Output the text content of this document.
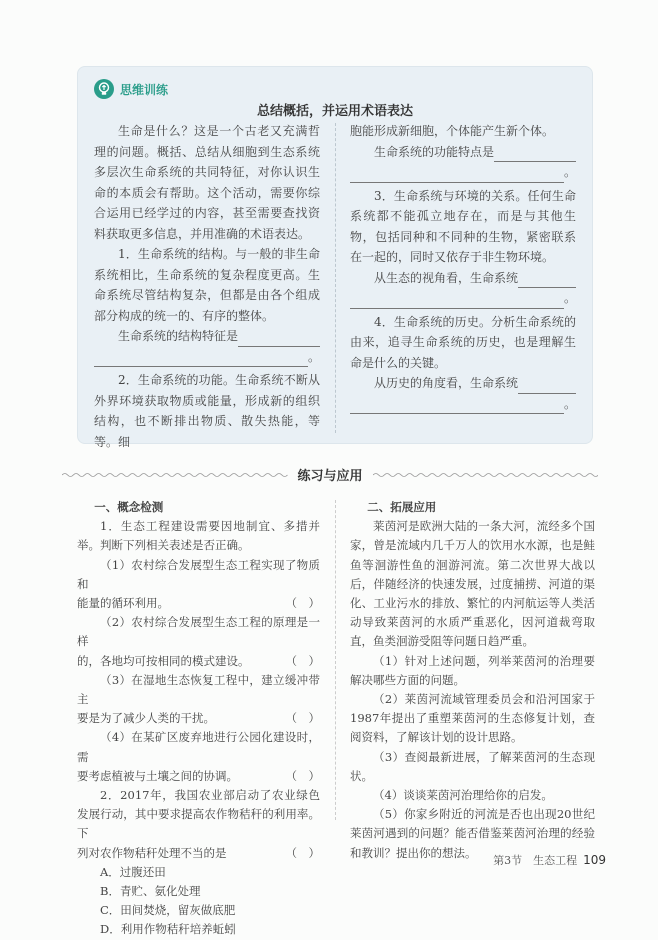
思维训练
总结概括，并运用术语表达

生命是什么？这是一个古老又充满哲理的问题。概括、总结从细胞到生态系统多层次生命系统的共同特征，对你认识生命的本质会有帮助。这个活动，需要你综合运用已经学过的内容，甚至需要查找资料获取更多信息，并用准确的术语表达。

1．生命系统的结构。与一般的非生命系统相比，生命系统的复杂程度更高。生命系统尽管结构复杂，但都是由各个组成部分构成的统一的、有序的整体。

生命系统的结构特征是
。

2．生命系统的功能。生命系统不断从外界环境获取物质或能量，形成新的组织结构，也不断排出物质、散失热能，等等。细

胞能形成新细胞，个体能产生新个体。

生命系统的功能特点是
。

3．生命系统与环境的关系。任何生命系统都不能孤立地存在，而是与其他生物，包括同种和不同种的生物，紧密联系在一起的，同时又依存于非生物环境。

从生态的视角看，生命系统
。

4．生命系统的历史。分析生命系统的由来，追寻生命系统的历史，也是理解生命是什么的关键。

从历史的角度看，生命系统
。
练习与应用
一、概念检测

1．生态工程建设需要因地制宜、多措并举。判断下列相关表述是否正确。

（1）农村综合发展型生态工程实现了物质和

能量的循环利用。	（　）

（2）农村综合发展型生态工程的原理是一样

的，各地均可按相同的模式建设。	（　）

（3）在湿地生态恢复工程中，建立缓冲带主

要是为了减少人类的干扰。	（　）

（4）在某矿区废弃地进行公园化建设时，需

要考虑植被与土壤之间的协调。	（　）

2．2017年，我国农业部启动了农业绿色发展行动，其中要求提高农作物秸秆的利用率。下

列对农作物秸秆处理不当的是	（　）

A．过腹还田

B．青贮、氨化处理

C．田间焚烧，留灰做底肥

D．利用作物秸秆培养蚯蚓

二、拓展应用

莱茵河是欧洲大陆的一条大河，流经多个国家，曾是流域内几千万人的饮用水水源，也是鲑鱼等洄游性鱼的洄游河流。第二次世界大战以后，伴随经济的快速发展，过度捕捞、河道的渠化、工业污水的排放、繁忙的内河航运等人类活动导致莱茵河的水质严重恶化，因河道裁弯取直，鱼类洄游受阻等问题日趋严重。

（1）针对上述问题，列举莱茵河的治理要解决哪些方面的问题。

（2）莱茵河流域管理委员会和沿河国家于1987年提出了重塑莱茵河的生态修复计划，查阅资料，了解该计划的设计思路。

（3）查阅最新进展，了解莱茵河的生态现状。

（4）谈谈莱茵河治理给你的启发。

（5）你家乡附近的河流是否也出现20世纪莱茵河遇到的问题？能否借鉴莱茵河治理的经验和教训？提出你的想法。

第3节　生态工程 109
